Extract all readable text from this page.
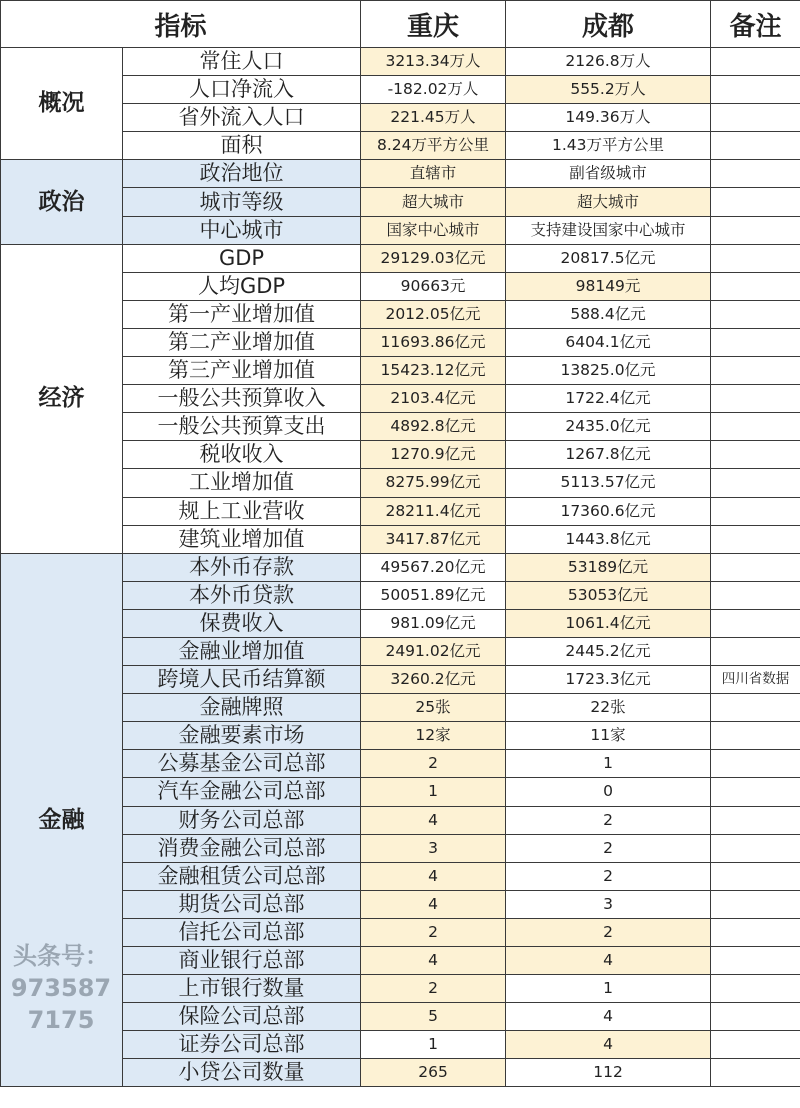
指标		重庆	成都	备注
概况	常住人口	3213.34万人	2126.8万人	
	人口净流入	-182.02万人	555.2万人	
	省外流入人口	221.45万人	149.36万人	
	面积	8.24万平方公里	1.43万平方公里	
政治	政治地位	直辖市	副省级城市	
	城市等级	超大城市	超大城市	
	中心城市	国家中心城市	支持建设国家中心城市	
经济	GDP	29129.03亿元	20817.5亿元	
	人均GDP	90663元	98149元	
	第一产业增加值	2012.05亿元	588.4亿元	
	第二产业增加值	11693.86亿元	6404.1亿元	
	第三产业增加值	15423.12亿元	13825.0亿元	
	一般公共预算收入	2103.4亿元	1722.4亿元	
	一般公共预算支出	4892.8亿元	2435.0亿元	
	税收收入	1270.9亿元	1267.8亿元	
	工业增加值	8275.99亿元	5113.57亿元	
	规上工业营收	28211.4亿元	17360.6亿元	
	建筑业增加值	3417.87亿元	1443.8亿元	
金融	本外币存款	49567.20亿元	53189亿元	
	本外币贷款	50051.89亿元	53053亿元	
	保费收入	981.09亿元	1061.4亿元	
	金融业增加值	2491.02亿元	2445.2亿元	
	跨境人民币结算额	3260.2亿元	1723.3亿元	四川省数据
	金融牌照	25张	22张	
	金融要素市场	12家	11家	
	公募基金公司总部	2	1	
	汽车金融公司总部	1	0	
	财务公司总部	4	2	
	消费金融公司总部	3	2	
	金融租赁公司总部	4	2	
	期货公司总部	4	3	
	信托公司总部	2	2	
	商业银行总部	4	4	
	上市银行数量	2	1	
	保险公司总部	5	4	
	证券公司总部	1	4	
	小贷公司数量	265	112	
头条号：9735877175
